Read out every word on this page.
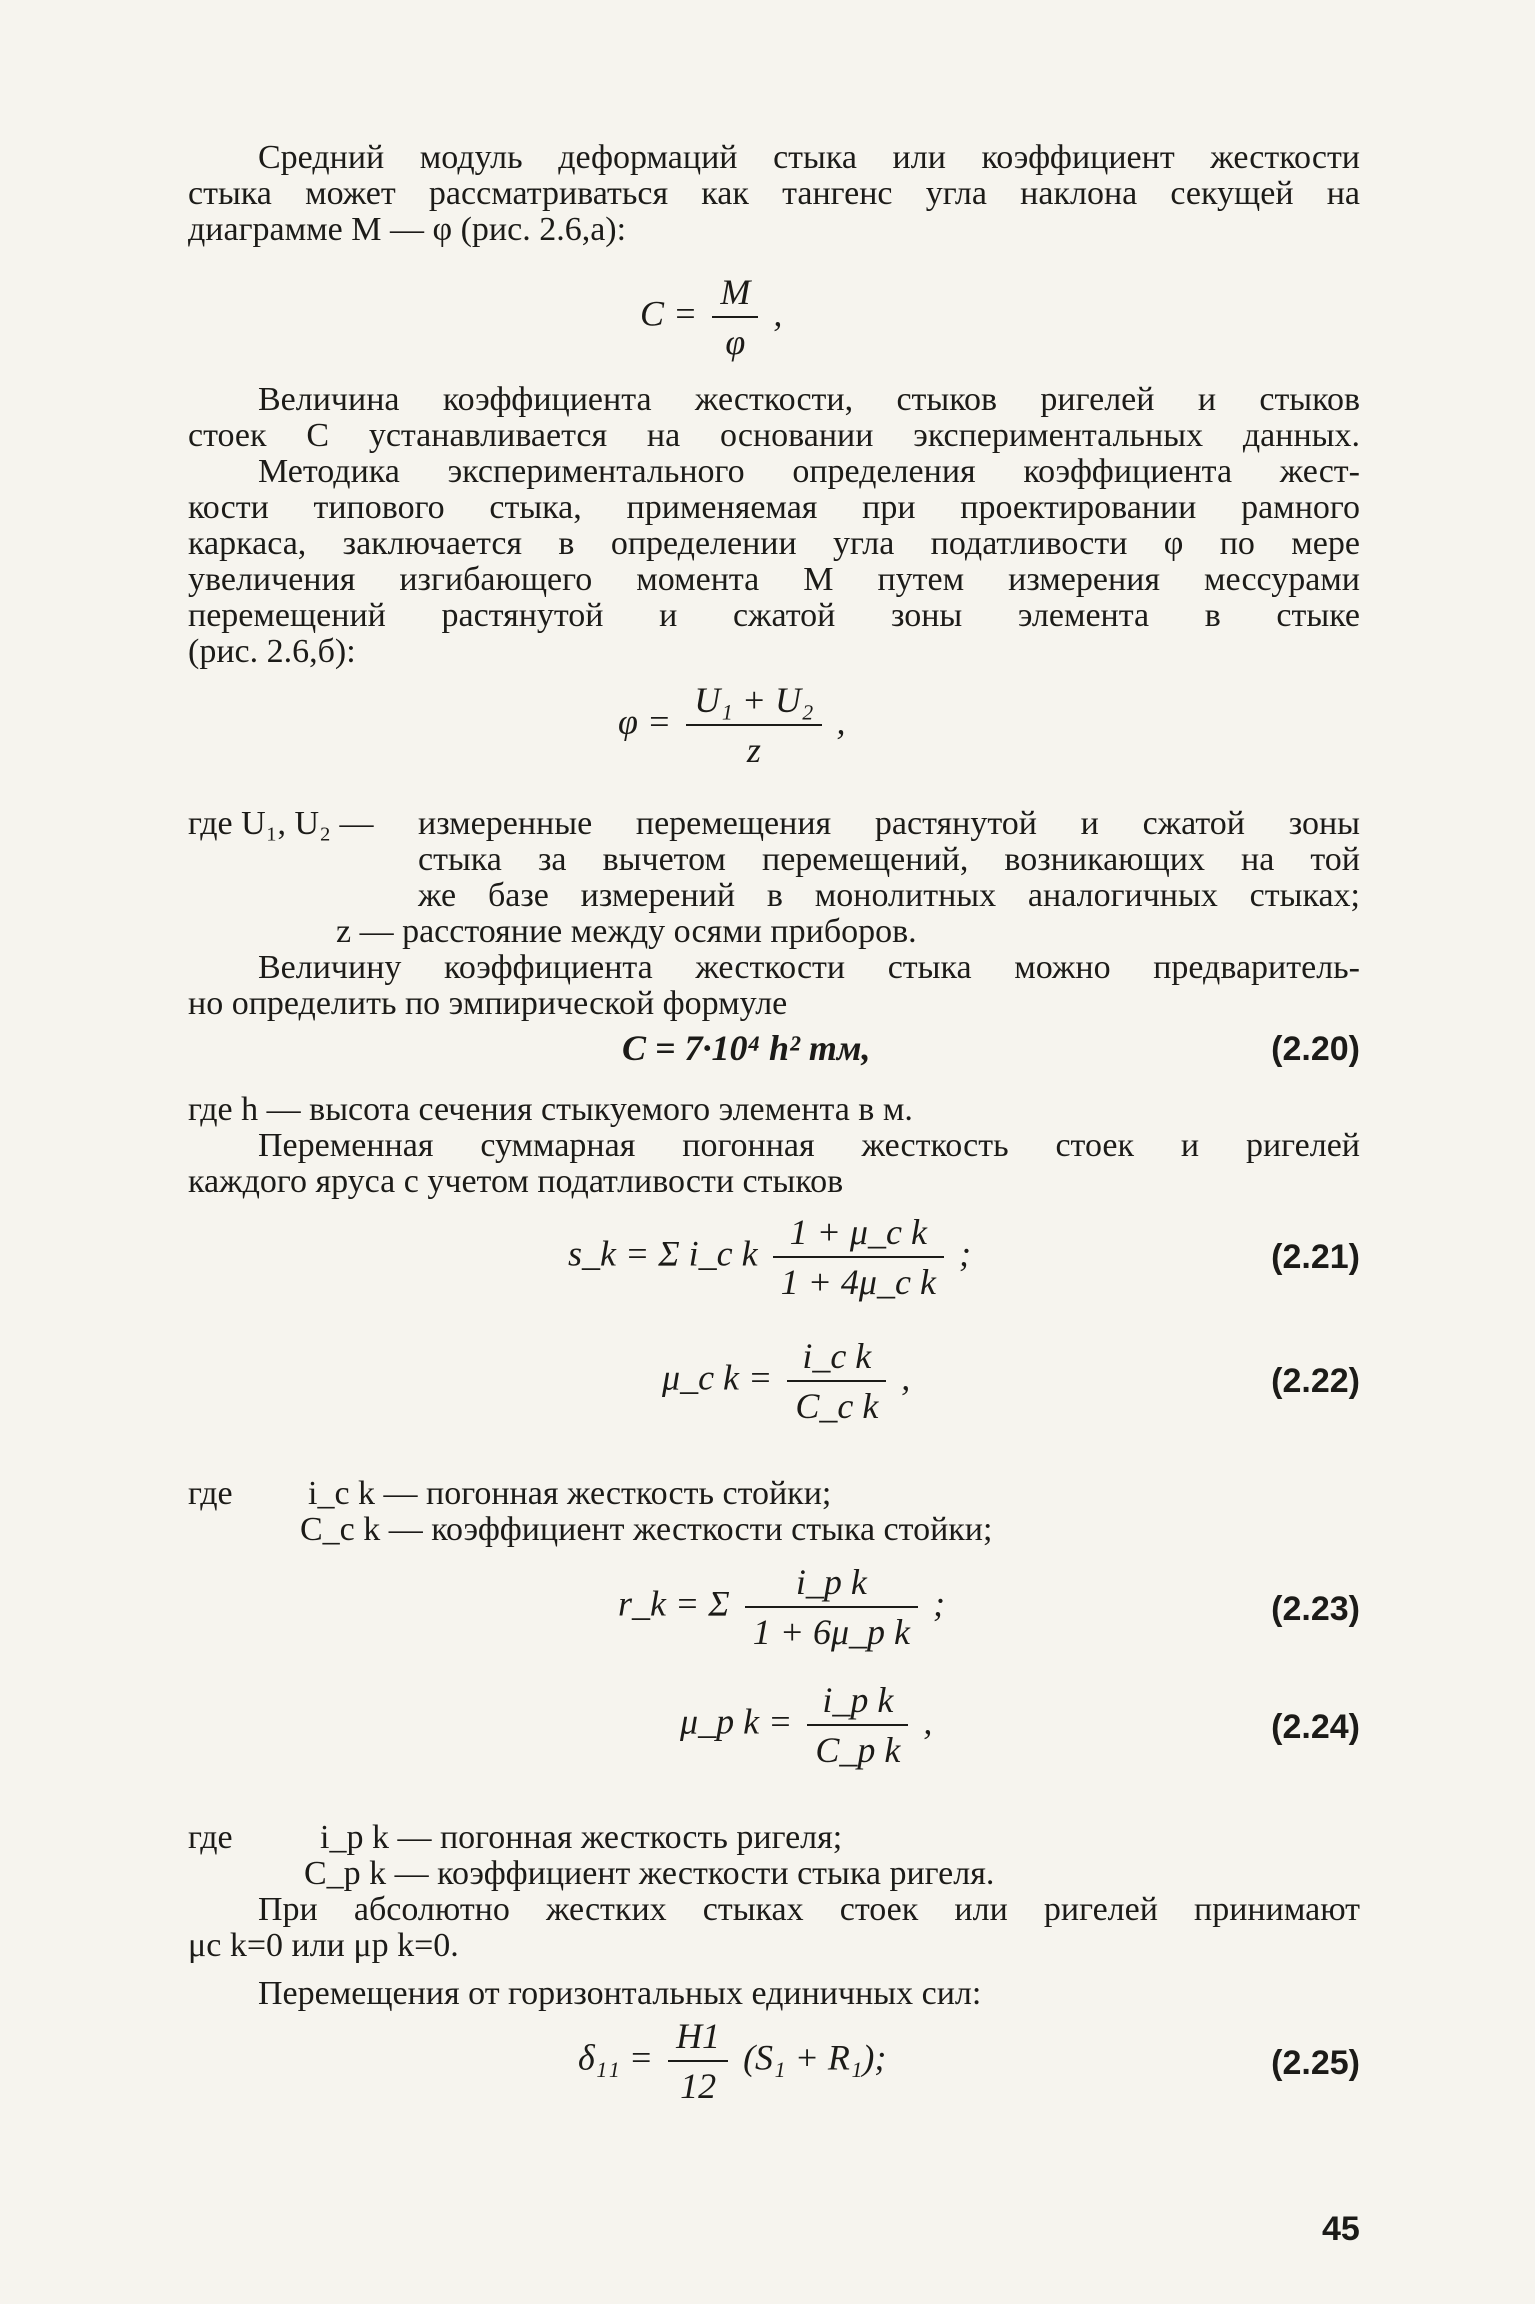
Средний модуль деформаций стыка или коэффициент жесткости
стыка может рассматриваться как тангенс угла наклона секущей на
диаграмме M — φ (рис. 2.6,а):
$C = \frac{M}{\varphi}$ ,
Величина коэффициента жесткости, стыков ригелей и стыков
стоек C устанавливается на основании экспериментальных данных.
Методика экспериментального определения коэффициента жест-
кости типового стыка, применяемая при проектировании рамного
каркаса, заключается в определении угла податливости φ по мере
увеличения изгибающего момента M путем измерения мессурами
перемещений растянутой и сжатой зоны элемента в стыке
(рис. 2.6,б):
$\varphi = \frac{\text{U₁ + U₂}}{z}$ ,
где U₁, U₂ —	измеренные перемещения растянутой и сжатой зоны
стыка за вычетом перемещений, возникающих на той
же базе измерений в монолитных аналогичных стыках;
z — расстояние между осями приборов.
Величину коэффициента жесткости стыка можно предваритель-
но определить по эмпирической формуле
C = 7·10⁴ h² тм,	(2.20)
где h — высота сечения стыкуемого элемента в м.
Переменная суммарная погонная жесткость стоек и ригелей
каждого яруса с учетом податливости стыков
s_k = Σ i_c k $\frac{\text{1 + μ\_c k}}{\text{1 + 4μ\_c k}}$ ;	(2.21)
μ_c $k = \frac{\text{i\_c k}}{\text{C\_c k}}$ ,	(2.22)
где	i_c k — погонная жесткость стойки;
C_c k — коэффициент жесткости стыка стойки;
r_k = Σ $\frac{\text{i\_p k}}{\text{1 + 6μ\_p k}}$ ;	(2.23)
μ_p $k = \frac{\text{i\_p k}}{\text{C\_p k}}$ ,	(2.24)
где	i_p k — погонная жесткость ригеля;
C_p k — коэффициент жесткости стыка ригеля.
При абсолютно жестких стыках стоек или ригелей принимают
μc k=0 или μp k=0.
Перемещения от горизонтальных единичных сил:
$\delta_{11} = \frac{H1}{12} (S_1 + R_1)$;	(2.25)
45
